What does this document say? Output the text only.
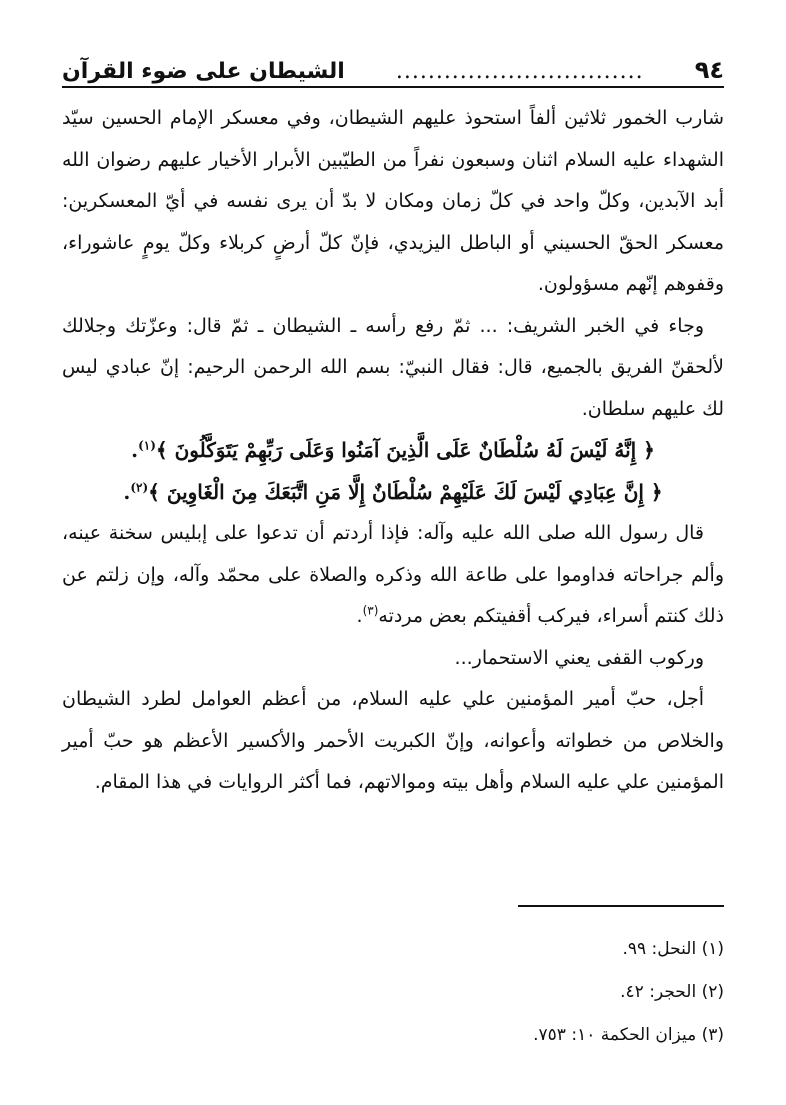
٩٤
...............................
الشيطان على ضوء القرآن

شارب الخمور ثلاثين ألفاً استحوذ عليهم الشيطان، وفي معسكر الإمام الحسين سيّد الشهداء عليه السلام اثنان وسبعون نفراً من الطيّبين الأبرار الأخيار عليهم رضوان الله أبد الآبدين، وكلّ واحد في كلّ زمان ومكان لا بدّ أن يرى نفسه في أيّ المعسكرين: معسكر الحقّ الحسيني أو الباطل اليزيدي، فإنّ كلّ أرضٍ كربلاء وكلّ يومٍ عاشوراء، وقفوهم إنّهم مسؤولون.

وجاء في الخبر الشريف: ... ثمّ رفع رأسه ـ الشيطان ـ ثمّ قال: وعزّتك وجلالك لألحقنّ الفريق بالجميع، قال: فقال النبيّ: بسم الله الرحمن الرحيم: إنّ عبادي ليس لك عليهم سلطان.

﴿ إِنَّهُ لَيْسَ لَهُ سُلْطَانٌ عَلَى الَّذِينَ آمَنُوا وَعَلَى رَبِّهِمْ يَتَوَكَّلُونَ ﴾$^{(١)}$.

﴿ إِنَّ عِبَادِي لَيْسَ لَكَ عَلَيْهِمْ سُلْطَانٌ إِلَّا مَنِ اتَّبَعَكَ مِنَ الْغَاوِينَ ﴾$^{(٢)}$.

قال رسول الله صلى الله عليه وآله: فإذا أردتم أن تدعوا على إبليس سخنة عينه، وألم جراحاته فداوموا على طاعة الله وذكره والصلاة على محمّد وآله، وإن زلتم عن ذلك كنتم أسراء، فيركب أقفيتكم بعض مردته$^{(٣)}$.

وركوب القفى يعني الاستحمار...

أجل، حبّ أمير المؤمنين علي عليه السلام، من أعظم العوامل لطرد الشيطان والخلاص من خطواته وأعوانه، وإنّ الكبريت الأحمر والأكسير الأعظم هو حبّ أمير المؤمنين علي عليه السلام وأهل بيته وموالاتهم، فما أكثر الروايات في هذا المقام.

(١) النحل: ٩٩.
(٢) الحجر: ٤٢.
(٣) ميزان الحكمة ١٠: ٧٥٣.
